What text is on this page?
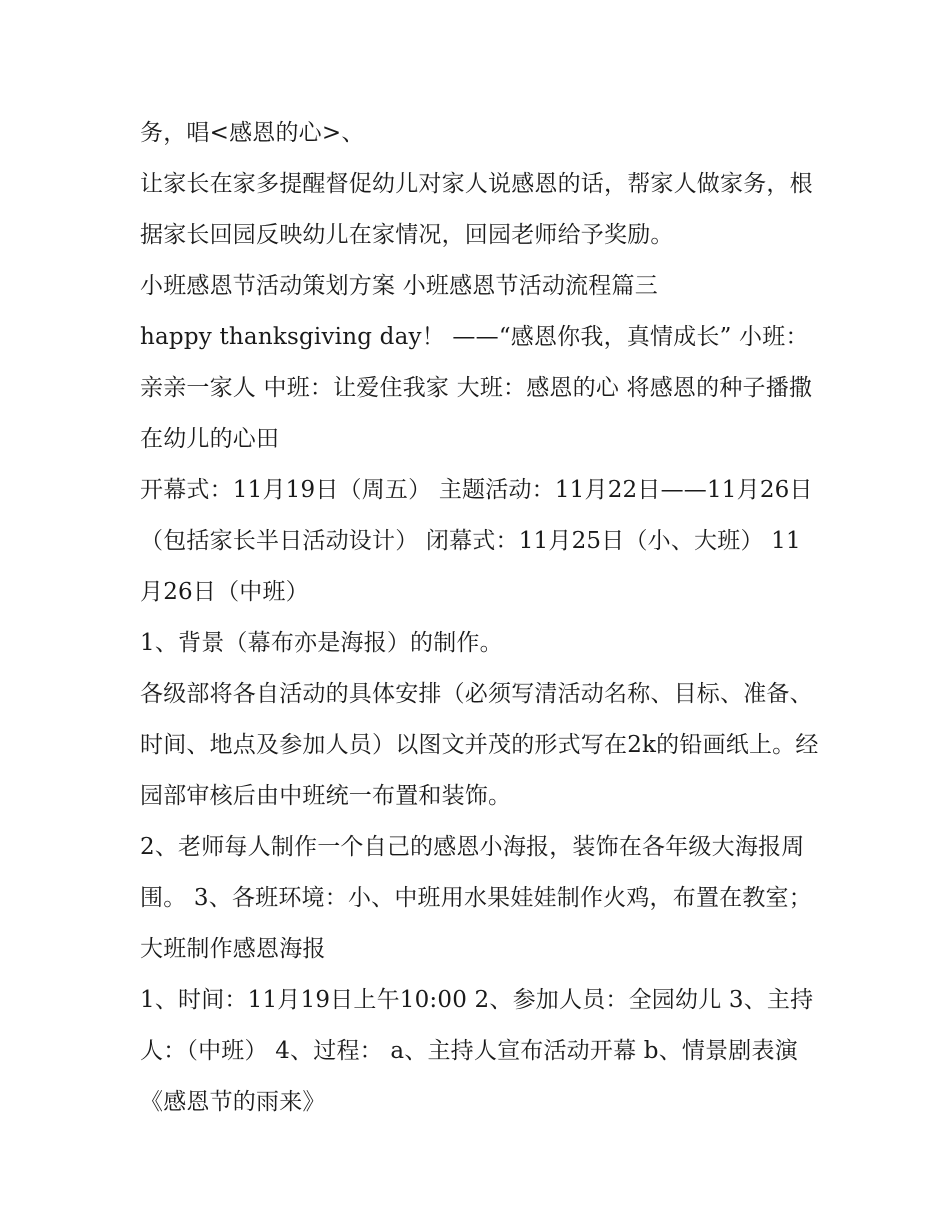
务，唱<感恩的心>、

让家长在家多提醒督促幼儿对家人说感恩的话，帮家人做家务，根据家长回园反映幼儿在家情况，回园老师给予奖励。

小班感恩节活动策划方案 小班感恩节活动流程篇三

happy thanksgiving day！ ——“感恩你我，真情成长” 小班：亲亲一家人 中班：让爱住我家 大班：感恩的心 将感恩的种子播撒在幼儿的心田

开幕式：11月19日（周五） 主题活动：11月22日——11月26日（包括家长半日活动设计） 闭幕式：11月25日（小、大班） 11月26日（中班）

1、背景（幕布亦是海报）的制作。

各级部将各自活动的具体安排（必须写清活动名称、目标、准备、时间、地点及参加人员）以图文并茂的形式写在2k的铅画纸上。经园部审核后由中班统一布置和装饰。

2、老师每人制作一个自己的感恩小海报，装饰在各年级大海报周围。 3、各班环境：小、中班用水果娃娃制作火鸡，布置在教室； 大班制作感恩海报

1、时间：11月19日上午10:00 2、参加人员：全园幼儿 3、主持人：（中班） 4、过程： a、主持人宣布活动开幕 b、情景剧表演《感恩节的雨来》
